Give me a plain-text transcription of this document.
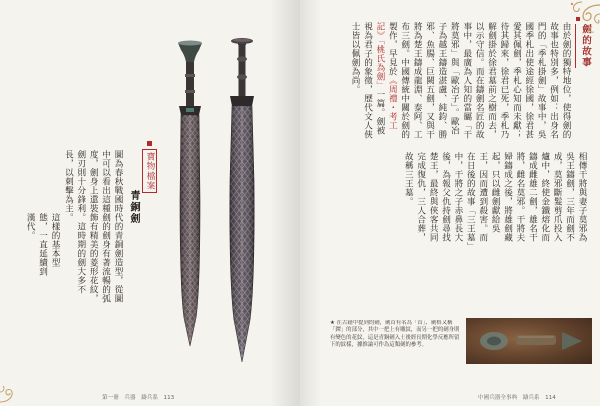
寶物檔案
青銅劍
圖為春秋戰國時代的青銅劍造型，從圖中可以看出這種劍的劍身有著流暢的弧度，劍身上還裝飾有精美的菱形花紋，劍刃則十分鋒利。這時期的劍大多不長，以刺擊為主。
這樣的基本型態，一直延續到漢代。
劍的故事
由於劍的獨特地位，使得劍的故事也特別多，例如：出身名門的「季札掛劍」故事中，吳國季札出使途經徐國，徐君甚愛其佩劍，季札心知而未獻；待其歸來，徐君已死，季札乃解劍掛於徐君墓前之樹而去，以示守信。而在鑄劍名匠的故事中，最廣為人知的當屬「干將莫邪」與「歐冶子」。歐冶子為越王鑄造湛盧、純鈞、勝邪、魚腸、巨闕五劍，又與干將為楚王鑄成龍淵、泰阿、工布三劍。中國傳統中關於劍的製作，早見於《周禮・考工記》「桃氏為劍」一篇。劍被視為君子的象徵，歷代文人俠士皆以佩劍為尚。
相傳干將與妻子莫邪為吳王鑄劍，三年而劍不成，莫邪斷髮剪爪投入爐中，終使金鐵熔化而鑄成雌雄二劍，雄名干將，雌名莫邪。干將夫婦鑄成之後，將雄劍藏起，只以雌劍獻給吳王，因而遭到殺害。而在日後的故事「三王墓」中，干將之子赤鼻長大後，為報父仇持劍尋找楚王，最終與俠客共同完成復仇，三人合葬，故稱三王墓。
★ 在古籍中提到的劍，劍首有名為「首」、劍格又稱「鐔」的部分，其中一把上有雕紋，而另一把的劍身則有變色的花紋，這是青銅劍入土後經長期化學反應所留下的紋樣，據推論可作為這類劍的參考。
第一冊　兵器　鑄兵系　113	中國兵器全事典　鑄兵系　114
